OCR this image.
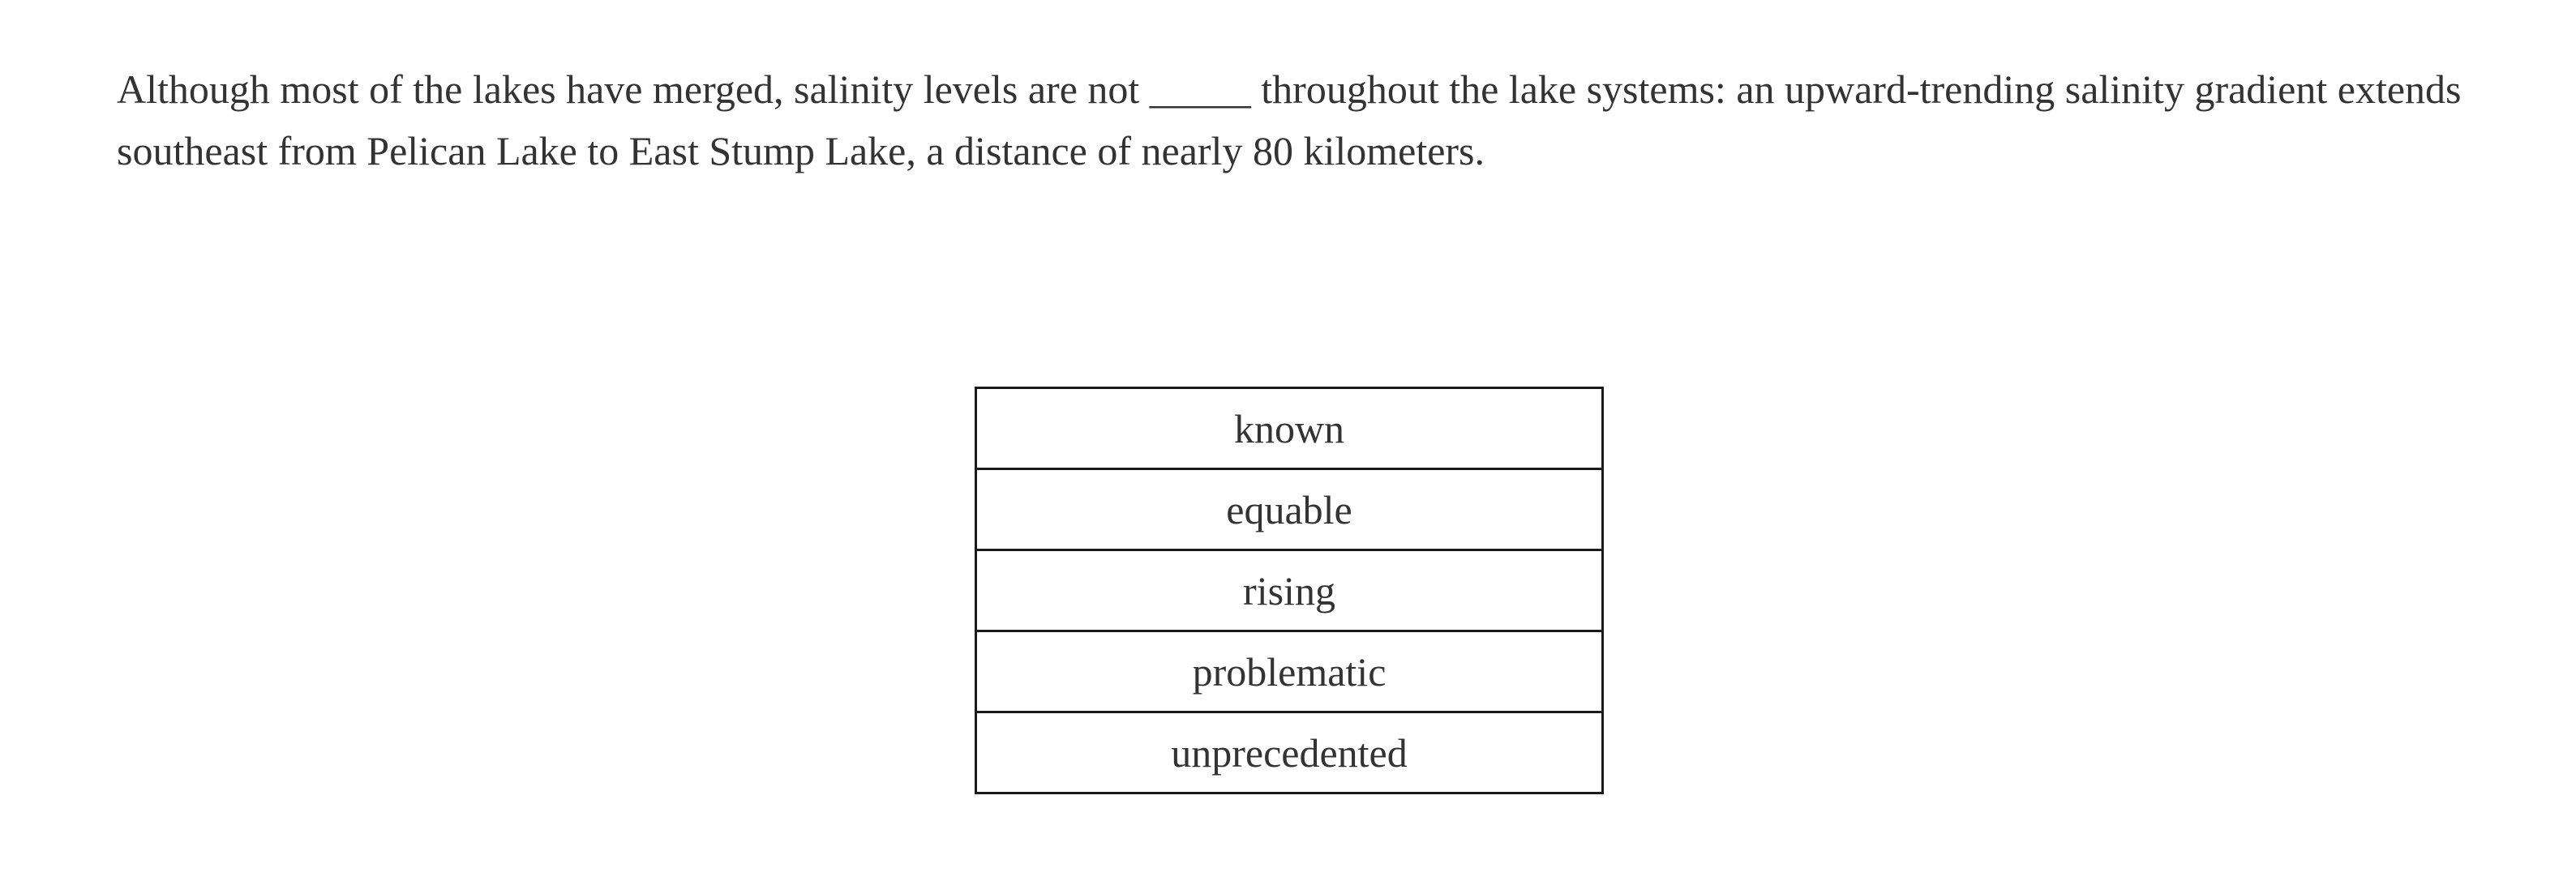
Although most of the lakes have merged, salinity levels are not _____ throughout the lake systems: an upward-trending salinity gradient extends southeast from Pelican Lake to East Stump Lake, a distance of nearly 80 kilometers.

known
equable
rising
problematic
unprecedented
